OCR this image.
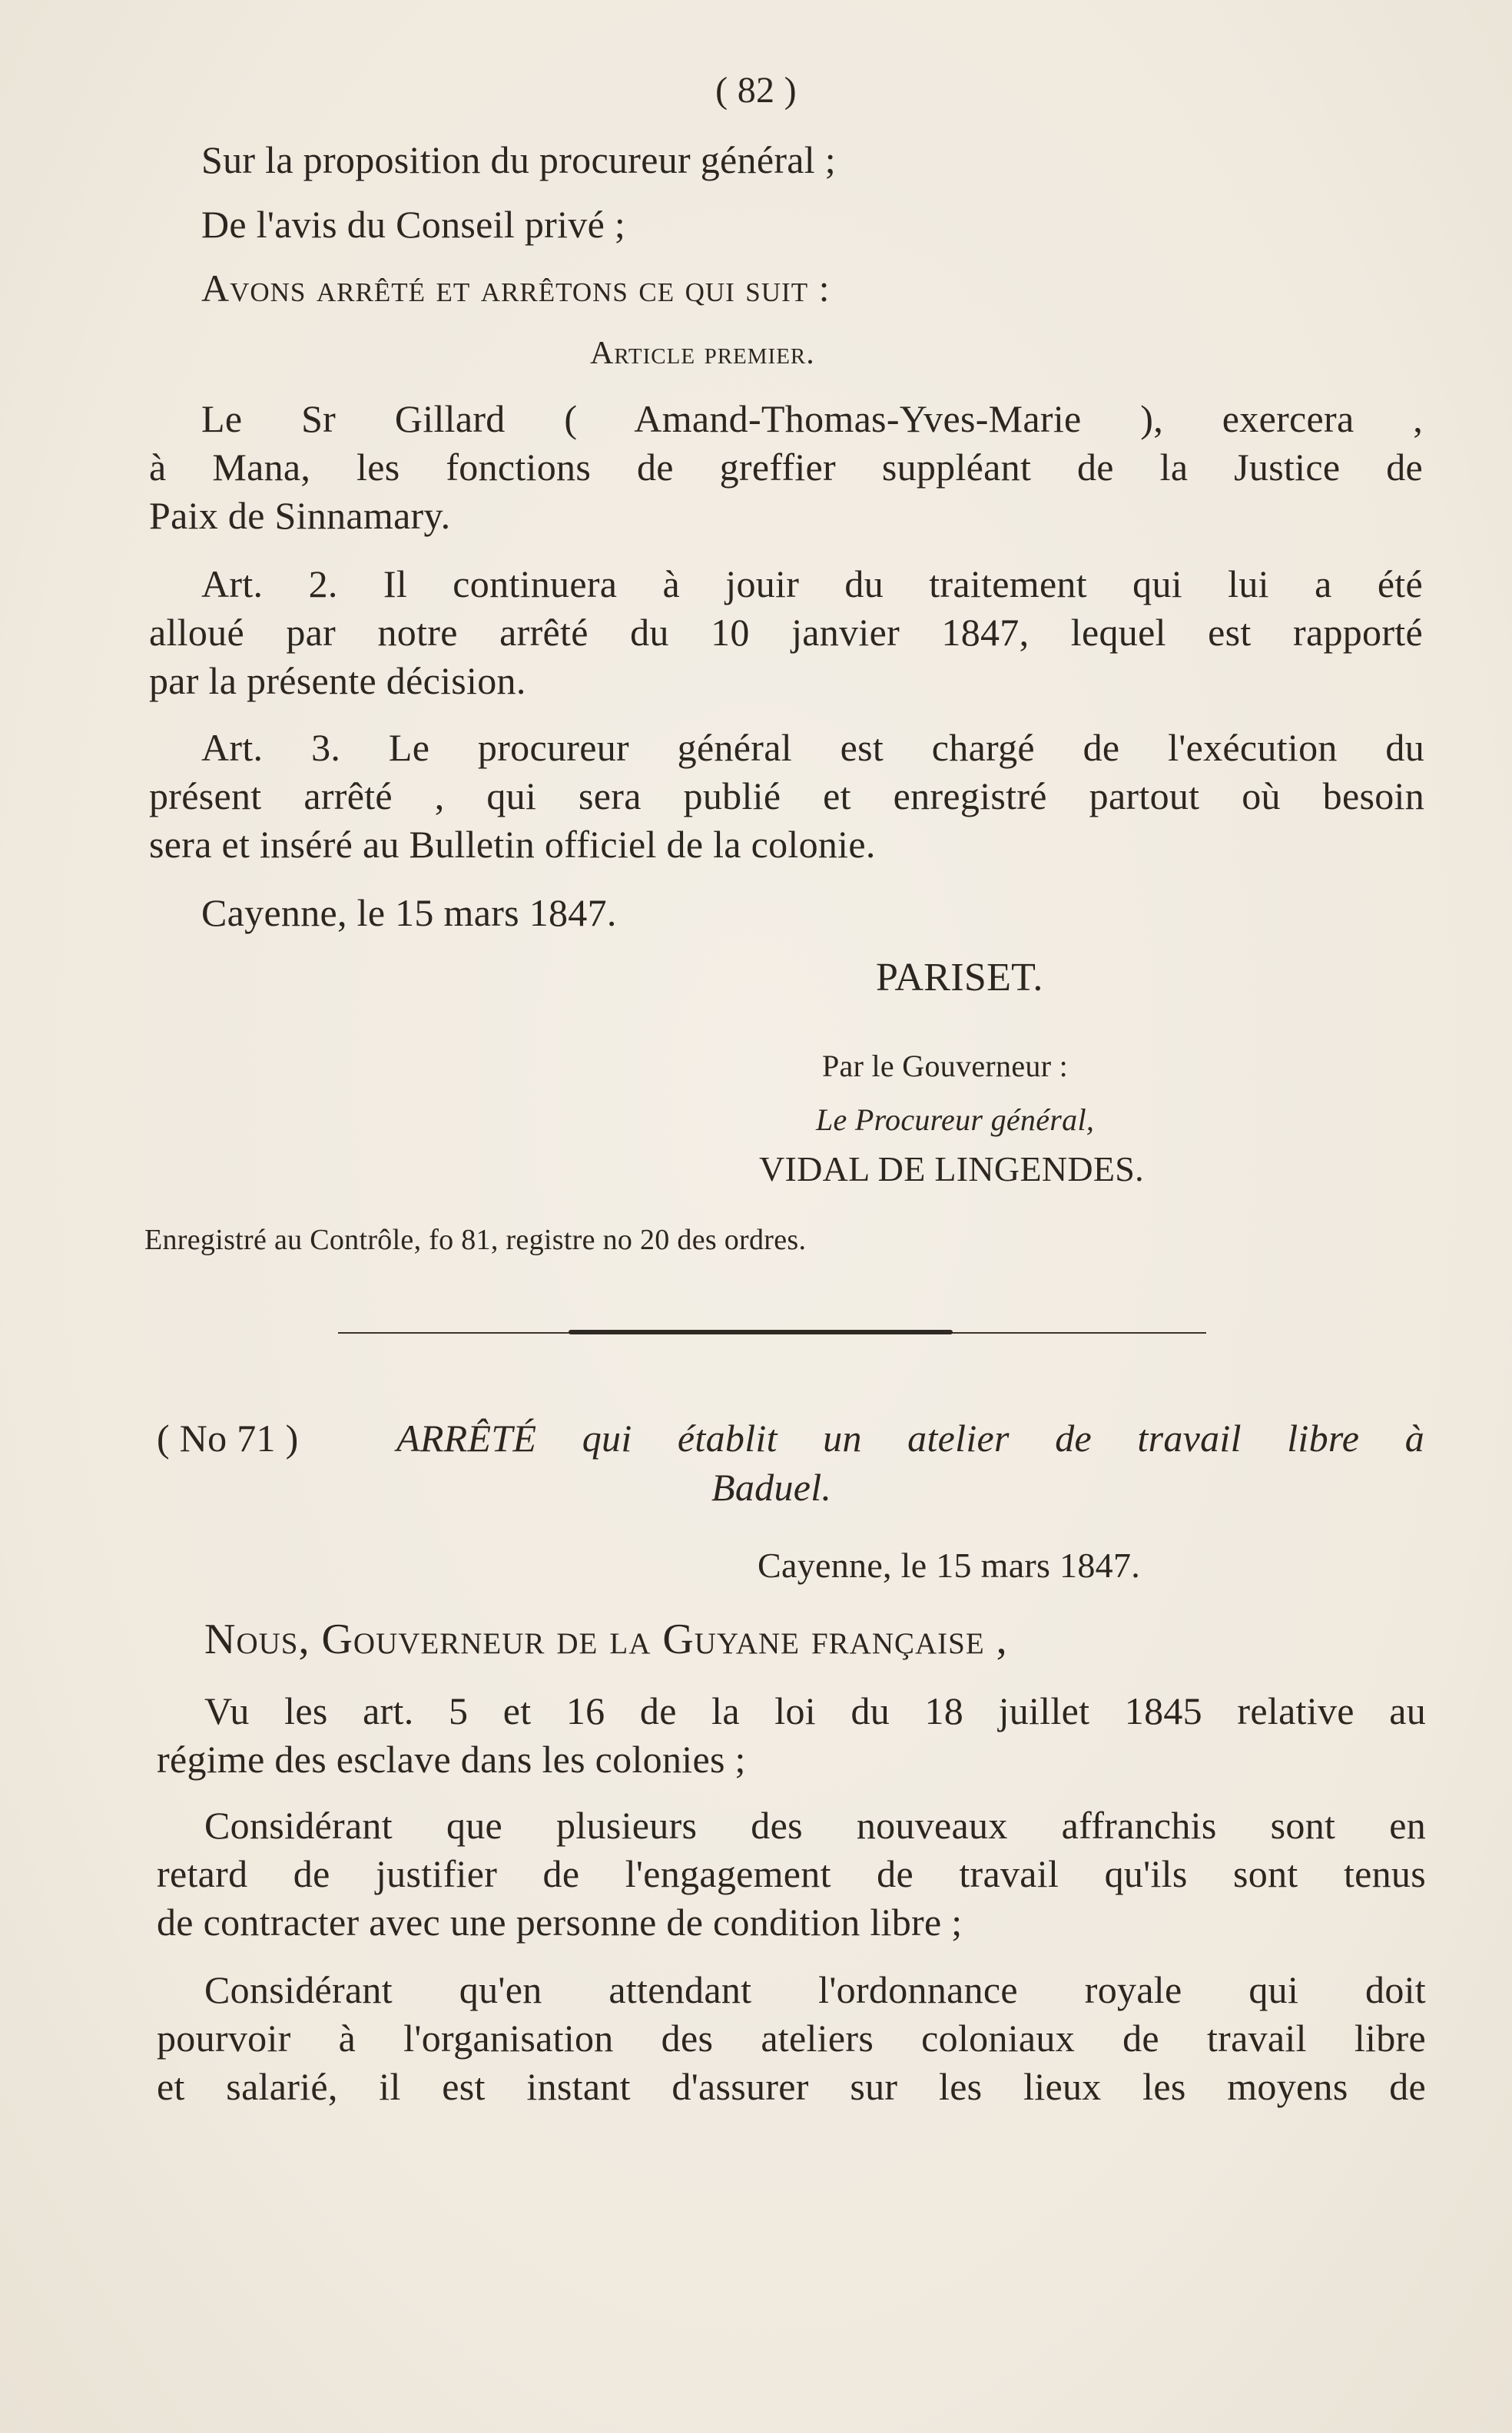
( 82 )
Sur la proposition du procureur général ;
De l'avis du Conseil privé ;
Avons arrêté et arrêtons ce qui suit :
Article premier.
Le Sr Gillard ( Amand-Thomas-Yves-Marie ), exercera ,
à Mana, les fonctions de greffier suppléant de la Justice de
Paix de Sinnamary.
Art. 2. Il continuera à jouir du traitement qui lui a été
alloué par notre arrêté du 10 janvier 1847, lequel est rapporté
par la présente décision.
Art. 3. Le procureur général est chargé de l'exécution du
présent arrêté , qui sera publié et enregistré partout où besoin
sera et inséré au Bulletin officiel de la colonie.
Cayenne, le 15 mars 1847.
PARISET.
Par le Gouverneur :
Le Procureur général,
VIDAL DE LINGENDES.
Enregistré au Contrôle, fo 81, registre no 20 des ordres.
( No 71 )	ARRÊTÉ qui établit un atelier de travail libre à
Baduel.
Cayenne, le 15 mars 1847.
Nous, Gouverneur de la Guyane française ,
Vu les art. 5 et 16 de la loi du 18 juillet 1845 relative au
régime des esclave dans les colonies ;
Considérant que plusieurs des nouveaux affranchis sont en
retard de justifier de l'engagement de travail qu'ils sont tenus
de contracter avec une personne de condition libre ;
Considérant qu'en attendant l'ordonnance royale qui doit
pourvoir à l'organisation des ateliers coloniaux de travail libre
et salarié, il est instant d'assurer sur les lieux les moyens de
